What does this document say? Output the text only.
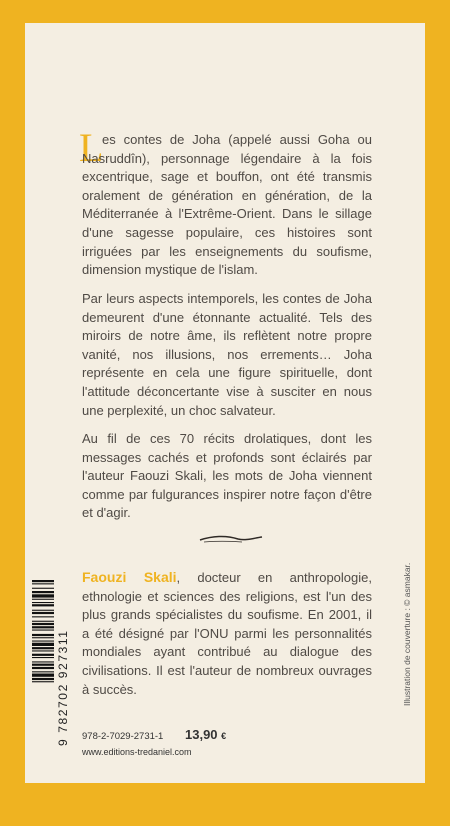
L

es contes de Joha (appelé aussi Goha ou Nasruddîn), personnage légendaire à la fois excentrique, sage et bouffon, ont été transmis oralement de génération en génération, de la Méditerranée à l'Extrême-Orient. Dans le sillage d'une sagesse populaire, ces histoires sont irriguées par les enseignements du soufisme, dimension mystique de l'islam.

Par leurs aspects intemporels, les contes de Joha demeurent d'une étonnante actualité. Tels des miroirs de notre âme, ils reflètent notre propre vanité, nos illusions, nos errements… Joha représente en cela une figure spirituelle, dont l'attitude déconcertante vise à susciter en nous une perplexité, un choc salvateur.

Au fil de ces 70 récits drolatiques, dont les messages cachés et profonds sont éclairés par l'auteur Faouzi Skali, les mots de Joha viennent comme par fulgurances inspirer notre façon d'être et d'agir.

Faouzi Skali, docteur en anthropologie, ethnologie et sciences des religions, est l'un des plus grands spécialistes du soufisme. En 2001, il a été désigné par l'ONU parmi les personnalités mondiales ayant contribué au dialogue des civilisations. Il est l'auteur de nombreux ouvrages à succès.

9 782702 927311 978-2-7029-2731-1 13,90 €
www.editions-tredaniel.com
Illustration de couverture : © asmakar.
